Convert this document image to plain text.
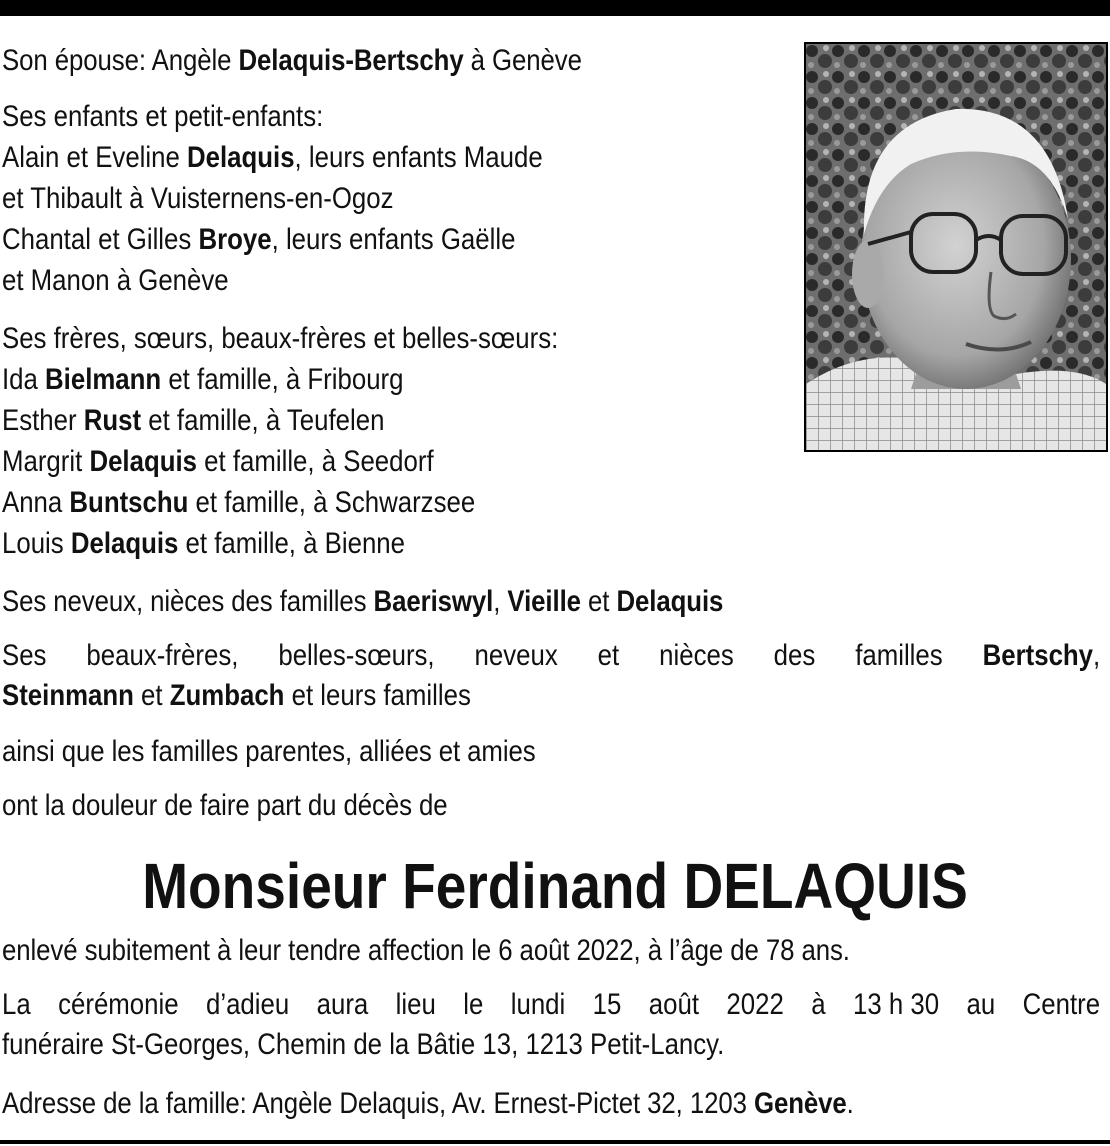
Son épouse: Angèle Delaquis-Bertschy à Genève
Ses enfants et petit-enfants:
Alain et Eveline Delaquis, leurs enfants Maude
et Thibault à Vuisternens-en-Ogoz
Chantal et Gilles Broye, leurs enfants Gaëlle
et Manon à Genève
Ses frères, sœurs, beaux-frères et belles-sœurs:
Ida Bielmann et famille, à Fribourg
Esther Rust et famille, à Teufelen
Margrit Delaquis et famille, à Seedorf
Anna Buntschu et famille, à Schwarzsee
Louis Delaquis et famille, à Bienne
Ses neveux, nièces des familles Baeriswyl, Vieille et Delaquis
Ses beaux-frères, belles-sœurs, neveux et nièces des familles Bertschy,
Steinmann et Zumbach et leurs familles
ainsi que les familles parentes, alliées et amies
ont la douleur de faire part du décès de
Monsieur Ferdinand DELAQUIS
enlevé subitement à leur tendre affection le 6 août 2022, à l’âge de 78 ans.
La cérémonie d’adieu aura lieu le lundi 15 août 2022 à 13 h 30 au Centre
funéraire St-Georges, Chemin de la Bâtie 13, 1213 Petit-Lancy.
Adresse de la famille: Angèle Delaquis, Av. Ernest-Pictet 32, 1203 Genève.
